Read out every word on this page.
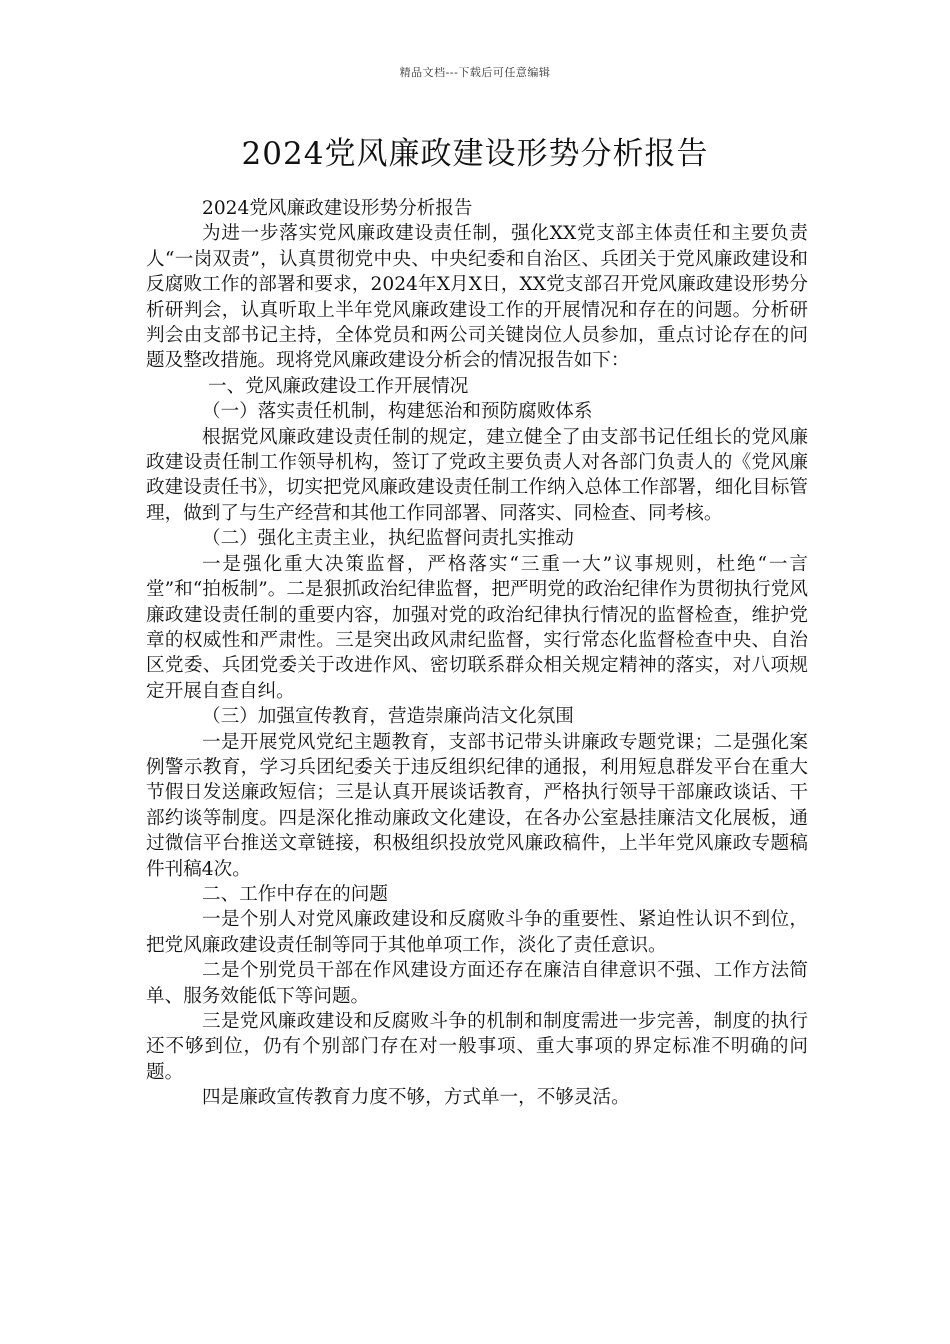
精品文档---下载后可任意编辑
2024党风廉政建设形势分析报告

2024党风廉政建设形势分析报告

为进一步落实党风廉政建设责任制，强化XX党支部主体责任和主要负责人“一岗双责”，认真贯彻党中央、中央纪委和自治区、兵团关于党风廉政建设和反腐败工作的部署和要求，2024年X月X日，XX党支部召开党风廉政建设形势分析研判会，认真听取上半年党风廉政建设工作的开展情况和存在的问题。分析研判会由支部书记主持，全体党员和两公司关键岗位人员参加，重点讨论存在的问题及整改措施。现将党风廉政建设分析会的情况报告如下：

一、党风廉政建设工作开展情况

（一）落实责任机制，构建惩治和预防腐败体系

根据党风廉政建设责任制的规定，建立健全了由支部书记任组长的党风廉政建设责任制工作领导机构，签订了党政主要负责人对各部门负责人的《党风廉政建设责任书》，切实把党风廉政建设责任制工作纳入总体工作部署，细化目标管理，做到了与生产经营和其他工作同部署、同落实、同检查、同考核。

（二）强化主责主业，执纪监督问责扎实推动

一是强化重大决策监督，严格落实“三重一大”议事规则，杜绝“一言堂”和“拍板制”。二是狠抓政治纪律监督，把严明党的政治纪律作为贯彻执行党风廉政建设责任制的重要内容，加强对党的政治纪律执行情况的监督检查，维护党章的权威性和严肃性。三是突出政风肃纪监督，实行常态化监督检查中央、自治区党委、兵团党委关于改进作风、密切联系群众相关规定精神的落实，对八项规定开展自查自纠。

（三）加强宣传教育，营造崇廉尚洁文化氛围

一是开展党风党纪主题教育，支部书记带头讲廉政专题党课；二是强化案例警示教育，学习兵团纪委关于违反组织纪律的通报，利用短息群发平台在重大节假日发送廉政短信；三是认真开展谈话教育，严格执行领导干部廉政谈话、干部约谈等制度。四是深化推动廉政文化建设，在各办公室悬挂廉洁文化展板，通过微信平台推送文章链接，积极组织投放党风廉政稿件，上半年党风廉政专题稿件刊稿4次。

二、工作中存在的问题

一是个别人对党风廉政建设和反腐败斗争的重要性、紧迫性认识不到位，把党风廉政建设责任制等同于其他单项工作，淡化了责任意识。

二是个别党员干部在作风建设方面还存在廉洁自律意识不强、工作方法简单、服务效能低下等问题。

三是党风廉政建设和反腐败斗争的机制和制度需进一步完善，制度的执行还不够到位，仍有个别部门存在对一般事项、重大事项的界定标准不明确的问题。

四是廉政宣传教育力度不够，方式单一，不够灵活。
